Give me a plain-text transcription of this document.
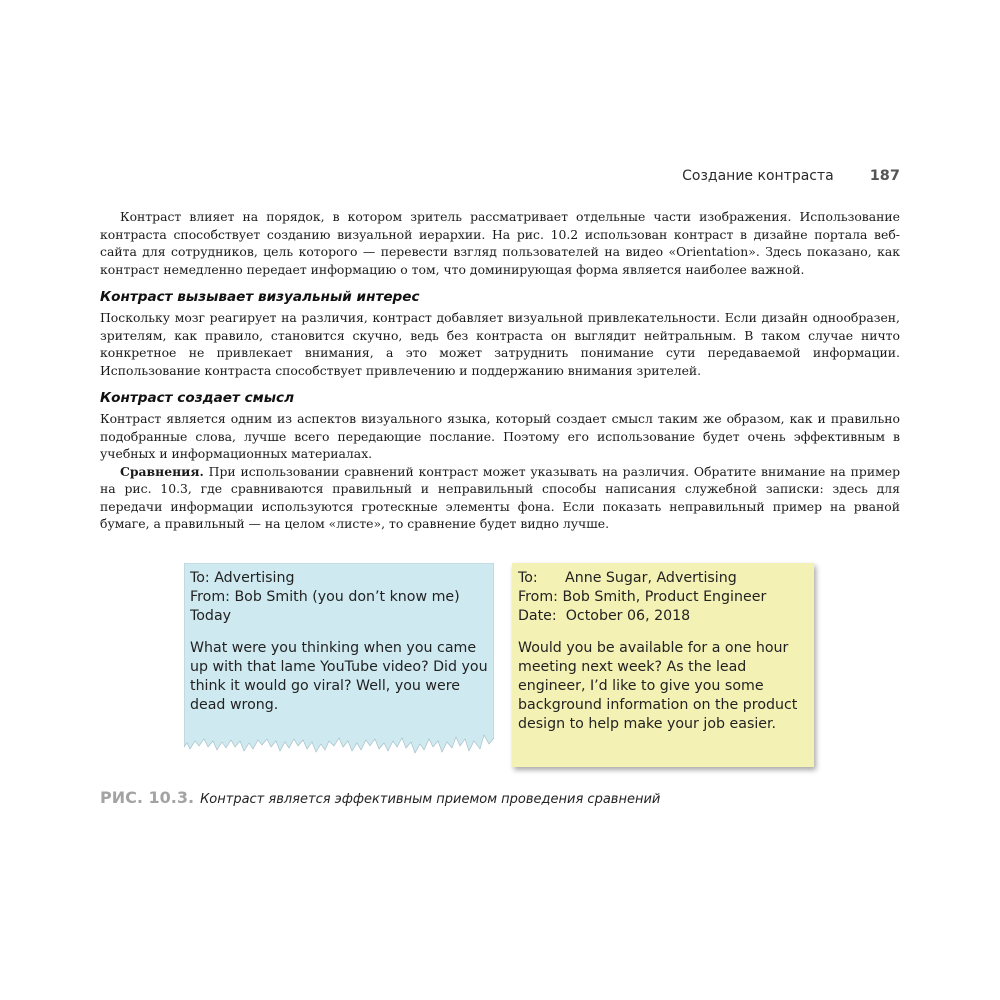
Создание контраста 187

Контраст влияет на порядок, в котором зритель рассматривает отдельные части изображения. Использование контраста способствует созданию визуальной иерархии. На рис. 10.2 использован контраст в дизайне портала веб-сайта для сотрудников, цель которого — перевести взгляд пользователей на видео «Orientation». Здесь показано, как контраст немедленно передает информацию о том, что доминирующая форма является наиболее важной.

Контраст вызывает визуальный интерес

Поскольку мозг реагирует на различия, контраст добавляет визуальной привлекательности. Если дизайн однообразен, зрителям, как правило, становится скучно, ведь без контраста он выглядит нейтральным. В таком случае ничто конкретное не привлекает внимания, а это может затруднить понимание сути передаваемой информации. Использование контраста способствует привлечению и поддержанию внимания зрителей.

Контраст создает смысл

Контраст является одним из аспектов визуального языка, который создает смысл таким же образом, как и правильно подобранные слова, лучше всего передающие послание. Поэтому его использование будет очень эффективным в учебных и информационных материалах.

Сравнения. При использовании сравнений контраст может указывать на различия. Обратите внимание на пример на рис. 10.3, где сравниваются правильный и неправильный способы написания служебной записки: здесь для передачи информации используются гротескные элементы фона. Если показать неправильный пример на рваной бумаге, а правильный — на целом «листе», то сравнение будет видно лучше.

To: Advertising

From: Bob Smith (you don’t know me)

Today

What were you thinking when you came up with that lame YouTube video? Did you think it would go viral? Well, you were dead wrong.

To:	Anne Sugar, Advertising

From: Bob Smith, Product Engineer

Date: October 06, 2018

Would you be available for a one hour meeting next week? As the lead engineer, I’d like to give you some background information on the product design to help make your job easier.

РИС. 10.3. Контраст является эффективным приемом проведения сравнений
